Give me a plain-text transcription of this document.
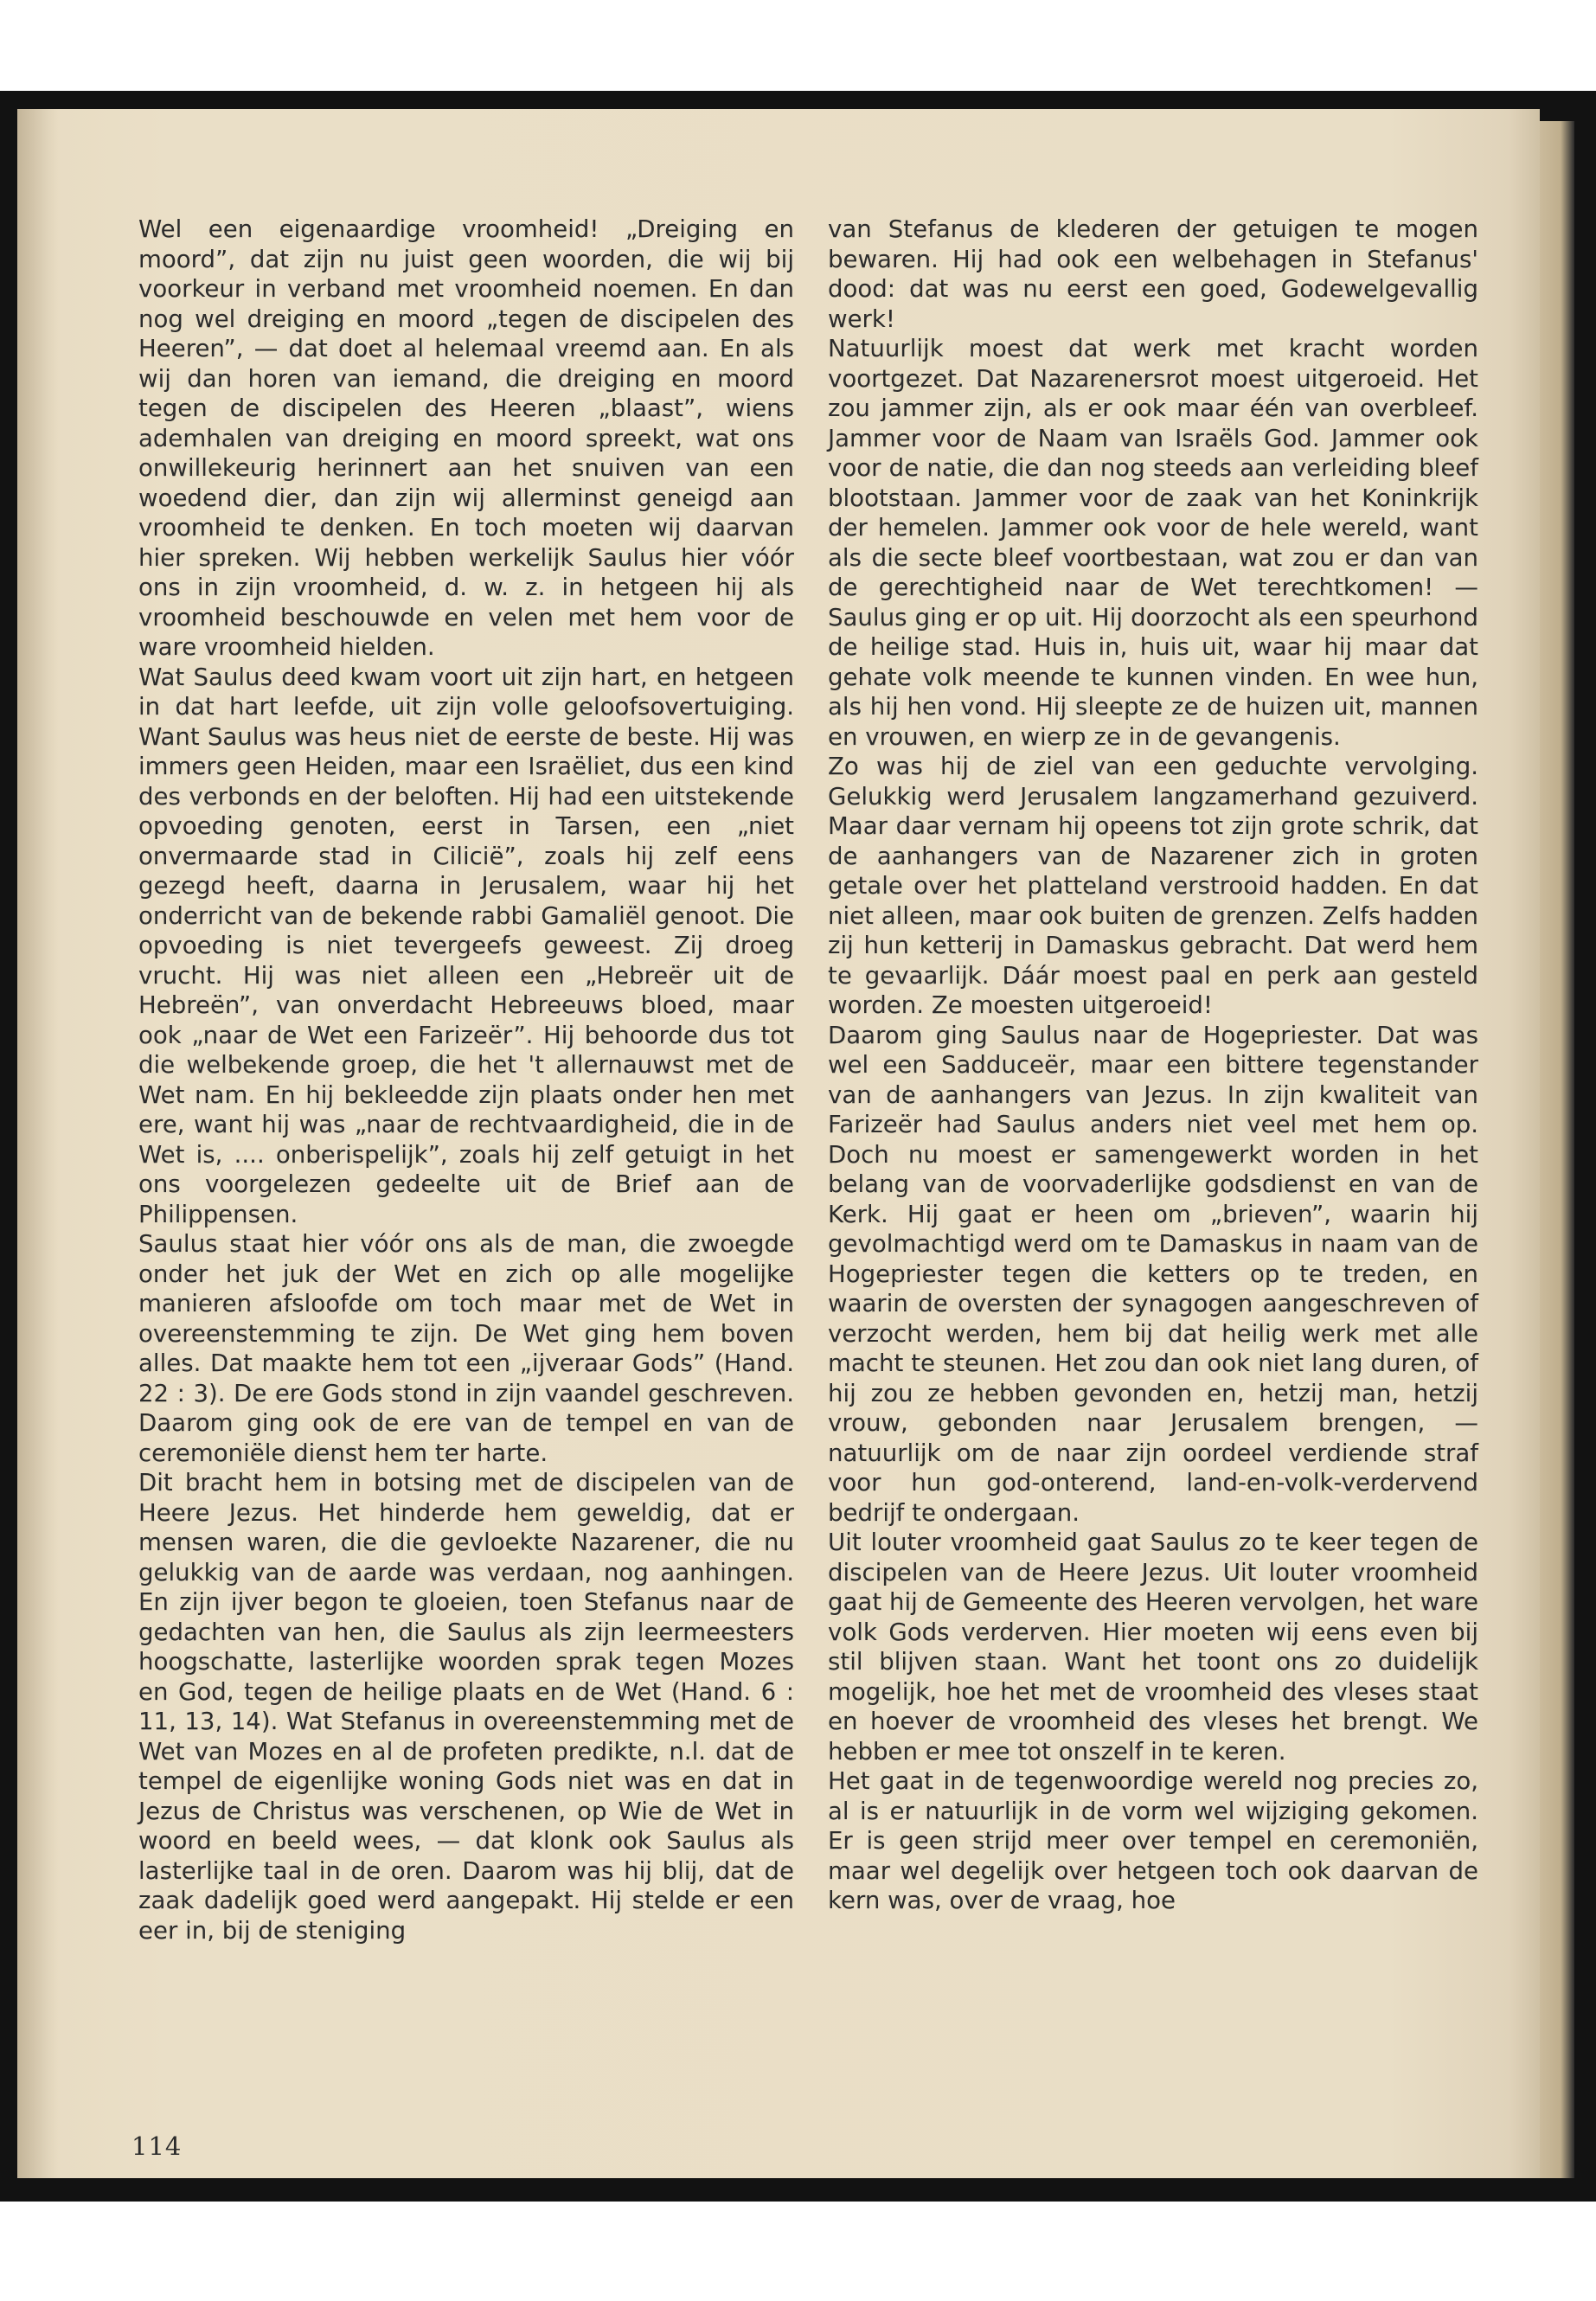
Wel een eigenaardige vroomheid! „Dreiging en moord”, dat zijn nu juist geen woorden, die wij bij voorkeur in verband met vroomheid noemen. En dan nog wel dreiging en moord „tegen de discipelen des Heeren”, — dat doet al helemaal vreemd aan. En als wij dan horen van iemand, die dreiging en moord tegen de discipelen des Heeren „blaast”, wiens ademhalen van dreiging en moord spreekt, wat ons onwillekeurig herinnert aan het snuiven van een woedend dier, dan zijn wij allerminst geneigd aan vroomheid te denken. En toch moeten wij daarvan hier spreken. Wij hebben werkelijk Saulus hier vóór ons in zijn vroomheid, d. w. z. in hetgeen hij als vroomheid beschouwde en velen met hem voor de ware vroomheid hielden.

Wat Saulus deed kwam voort uit zijn hart, en hetgeen in dat hart leefde, uit zijn volle geloofsovertuiging. Want Saulus was heus niet de eerste de beste. Hij was immers geen Heiden, maar een Israëliet, dus een kind des verbonds en der beloften. Hij had een uitstekende opvoeding genoten, eerst in Tarsen, een „niet onvermaarde stad in Cilicië”, zoals hij zelf eens gezegd heeft, daarna in Jerusalem, waar hij het onderricht van de bekende rabbi Gamaliël genoot. Die opvoeding is niet tevergeefs geweest. Zij droeg vrucht. Hij was niet alleen een „Hebreër uit de Hebreën”, van onverdacht Hebreeuws bloed, maar ook „naar de Wet een Farizeër”. Hij behoorde dus tot die welbekende groep, die het 't allernauwst met de Wet nam. En hij bekleedde zijn plaats onder hen met ere, want hij was „naar de rechtvaardigheid, die in de Wet is, .... onberispelijk”, zoals hij zelf getuigt in het ons voorgelezen gedeelte uit de Brief aan de Philippensen.

Saulus staat hier vóór ons als de man, die zwoegde onder het juk der Wet en zich op alle mogelijke manieren afsloofde om toch maar met de Wet in overeenstemming te zijn. De Wet ging hem boven alles. Dat maakte hem tot een „ijveraar Gods” (Hand. 22 : 3). De ere Gods stond in zijn vaandel geschreven. Daarom ging ook de ere van de tempel en van de ceremoniële dienst hem ter harte.

Dit bracht hem in botsing met de discipelen van de Heere Jezus. Het hinderde hem geweldig, dat er mensen waren, die die gevloekte Nazarener, die nu gelukkig van de aarde was verdaan, nog aanhingen. En zijn ijver begon te gloeien, toen Stefanus naar de gedachten van hen, die Saulus als zijn leermeesters hoogschatte, lasterlijke woorden sprak tegen Mozes en God, tegen de heilige plaats en de Wet (Hand. 6 : 11, 13, 14). Wat Stefanus in overeenstemming met de Wet van Mozes en al de profeten predikte, n.l. dat de tempel de eigenlijke woning Gods niet was en dat in Jezus de Christus was verschenen, op Wie de Wet in woord en beeld wees, — dat klonk ook Saulus als lasterlijke taal in de oren. Daarom was hij blij, dat de zaak dadelijk goed werd aangepakt. Hij stelde er een eer in, bij de steniging

van Stefanus de klederen der getuigen te mogen bewaren. Hij had ook een welbehagen in Stefanus' dood: dat was nu eerst een goed, Godewelgevallig werk!

Natuurlijk moest dat werk met kracht worden voortgezet. Dat Nazarenersrot moest uitgeroeid. Het zou jammer zijn, als er ook maar één van overbleef. Jammer voor de Naam van Israëls God. Jammer ook voor de natie, die dan nog steeds aan verleiding bleef blootstaan. Jammer voor de zaak van het Koninkrijk der hemelen. Jammer ook voor de hele wereld, want als die secte bleef voortbestaan, wat zou er dan van de gerechtigheid naar de Wet terechtkomen! — Saulus ging er op uit. Hij doorzocht als een speurhond de heilige stad. Huis in, huis uit, waar hij maar dat gehate volk meende te kunnen vinden. En wee hun, als hij hen vond. Hij sleepte ze de huizen uit, mannen en vrouwen, en wierp ze in de gevangenis.

Zo was hij de ziel van een geduchte vervolging. Gelukkig werd Jerusalem langzamerhand gezuiverd. Maar daar vernam hij opeens tot zijn grote schrik, dat de aanhangers van de Nazarener zich in groten getale over het platteland verstrooid hadden. En dat niet alleen, maar ook buiten de grenzen. Zelfs hadden zij hun ketterij in Damaskus gebracht. Dat werd hem te gevaarlijk. Dáár moest paal en perk aan gesteld worden. Ze moesten uitgeroeid!

Daarom ging Saulus naar de Hogepriester. Dat was wel een Sadduceër, maar een bittere tegenstander van de aanhangers van Jezus. In zijn kwaliteit van Farizeër had Saulus anders niet veel met hem op. Doch nu moest er samengewerkt worden in het belang van de voorvaderlijke godsdienst en van de Kerk. Hij gaat er heen om „brieven”, waarin hij gevolmachtigd werd om te Damaskus in naam van de Hogepriester tegen die ketters op te treden, en waarin de oversten der synagogen aangeschreven of verzocht werden, hem bij dat heilig werk met alle macht te steunen. Het zou dan ook niet lang duren, of hij zou ze hebben gevonden en, hetzij man, hetzij vrouw, gebonden naar Jerusalem brengen, — natuurlijk om de naar zijn oordeel verdiende straf voor hun god-onterend, land-en-volk-verdervend bedrijf te ondergaan.

Uit louter vroomheid gaat Saulus zo te keer tegen de discipelen van de Heere Jezus. Uit louter vroomheid gaat hij de Gemeente des Heeren vervolgen, het ware volk Gods verderven. Hier moeten wij eens even bij stil blijven staan. Want het toont ons zo duidelijk mogelijk, hoe het met de vroomheid des vleses staat en hoever de vroomheid des vleses het brengt. We hebben er mee tot onszelf in te keren.

Het gaat in de tegenwoordige wereld nog precies zo, al is er natuurlijk in de vorm wel wijziging gekomen. Er is geen strijd meer over tempel en ceremoniën, maar wel degelijk over hetgeen toch ook daarvan de kern was, over de vraag, hoe

114
